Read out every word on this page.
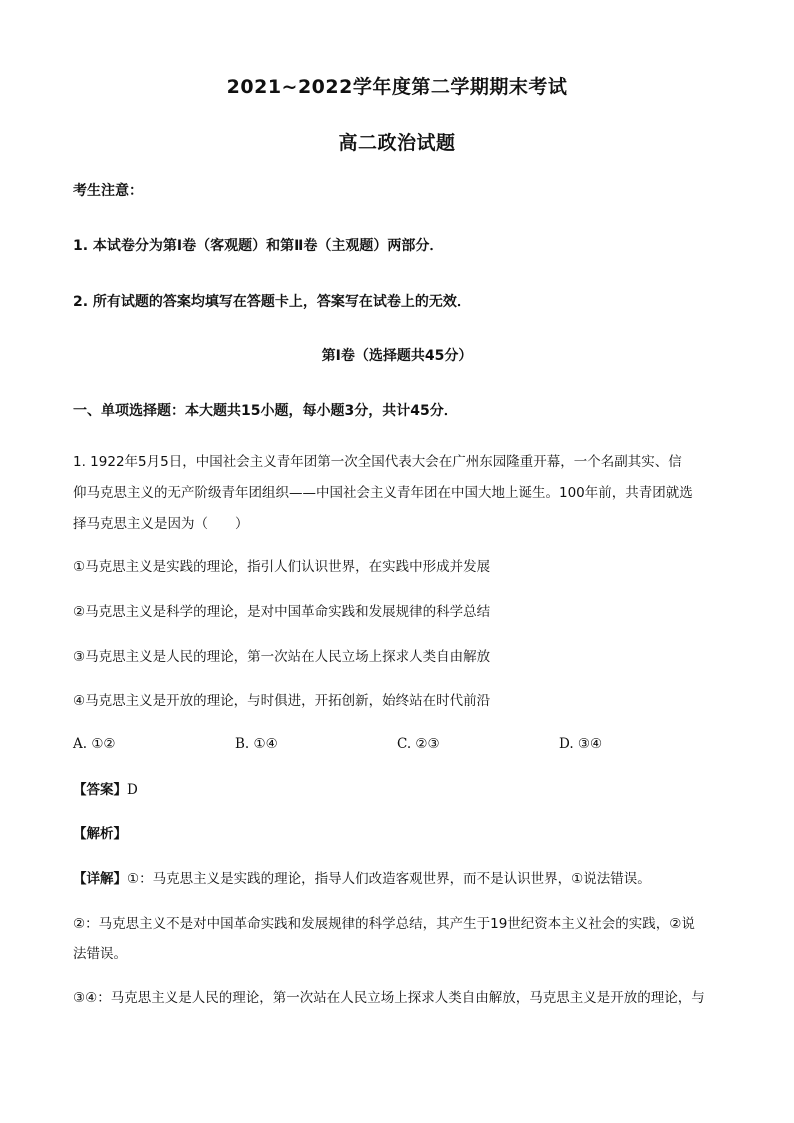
2021~2022学年度第二学期期末考试
高二政治试题
考生注意：
1. 本试卷分为第Ⅰ卷（客观题）和第Ⅱ卷（主观题）两部分．
2. 所有试题的答案均填写在答题卡上，答案写在试卷上的无效．
第Ⅰ卷（选择题共45分）
一、单项选择题：本大题共15小题，每小题3分，共计45分．
1. 1922年5月5日，中国社会主义青年团第一次全国代表大会在广州东园隆重开幕，一个名副其实、信
仰马克思主义的无产阶级青年团组织——中国社会主义青年团在中国大地上诞生。100年前，共青团就选
择马克思主义是因为（　　）
①马克思主义是实践的理论，指引人们认识世界，在实践中形成并发展
②马克思主义是科学的理论，是对中国革命实践和发展规律的科学总结
③马克思主义是人民的理论，第一次站在人民立场上探求人类自由解放
④马克思主义是开放的理论，与时俱进，开拓创新，始终站在时代前沿
A. ①②	B. ①④	C. ②③	D. ③④
【答案】D
【解析】
【详解】①：马克思主义是实践的理论，指导人们改造客观世界，而不是认识世界，①说法错误。
②：马克思主义不是对中国革命实践和发展规律的科学总结，其产生于19世纪资本主义社会的实践，②说
法错误。
③④：马克思主义是人民的理论，第一次站在人民立场上探求人类自由解放，马克思主义是开放的理论，与
